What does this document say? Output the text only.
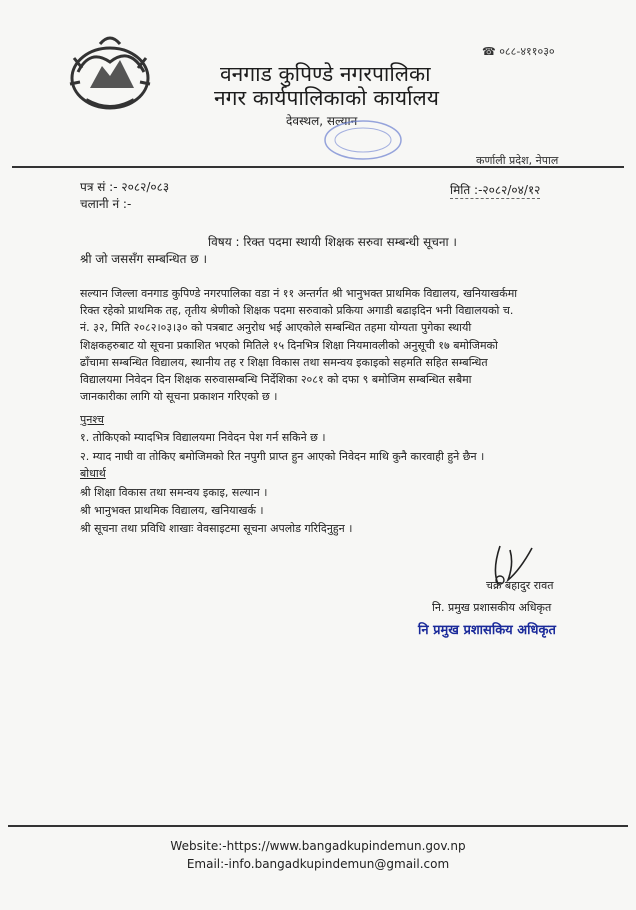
वनगाड कुपिण्डे नगरपालिका
नगर कार्यपालिकाको कार्यालय
देवस्थल, सल्यान
☎ ०८८-४११०३०
कर्णाली प्रदेश, नेपाल
पत्र सं :- २०८२/०८३
चलानी नं :-
मिति :-२०८२/०४/१२
विषय : रिक्त पदमा स्थायी शिक्षक सरुवा सम्बन्धी सूचना ।
श्री जो जससँग सम्बन्धित छ ।
सल्यान जिल्ला वनगाड कुपिण्डे नगरपालिका वडा नं ११ अन्तर्गत श्री भानुभक्त प्राथमिक विद्यालय, खनियाखर्कमा
रिक्त रहेको प्राथमिक तह, तृतीय श्रेणीको शिक्षक पदमा सरुवाको प्रकिया अगाडी बढाइदिन भनी विद्यालयको च.
नं. ३२, मिति २०८२।०३।३० को पत्रबाट अनुरोध भई आएकोले सम्बन्धित तहमा योग्यता पुगेका स्थायी
शिक्षकहरुबाट यो सूचना प्रकाशित भएको मितिले १५ दिनभित्र शिक्षा नियमावलीको अनुसूची १७ बमोजिमको
ढाँचामा सम्बन्धित विद्यालय, स्थानीय तह र शिक्षा विकास तथा समन्वय इकाइको सहमति सहित सम्बन्धित
विद्यालयमा निवेदन दिन शिक्षक सरुवासम्बन्धि निर्देशिका २०८१ को दफा ९ बमोजिम सम्बन्धित सबैमा
जानकारीका लागि यो सूचना प्रकाशन गरिएको छ ।
पुनश्च
१. तोकिएको म्यादभित्र विद्यालयमा निवेदन पेश गर्न सकिने छ ।
२. म्याद नाघी वा तोकिए बमोजिमको रित नपुगी प्राप्त हुन आएको निवेदन माथि कुनै कारवाही हुने छैन ।
बोधार्थ
श्री शिक्षा विकास तथा समन्वय इकाइ, सल्यान ।
श्री भानुभक्त प्राथमिक विद्यालय, खनियाखर्क ।
श्री सूचना तथा प्रविधि शाखाः वेवसाइटमा सूचना अपलोड गरिदिनुहुन ।
चक्र बहादुर रावत
नि. प्रमुख प्रशासकीय अधिकृत
नि प्रमुख प्रशासकिय अधिकृत
Website:-https://www.bangadkupindemun.gov.np
Email:-info.bangadkupindemun@gmail.com
